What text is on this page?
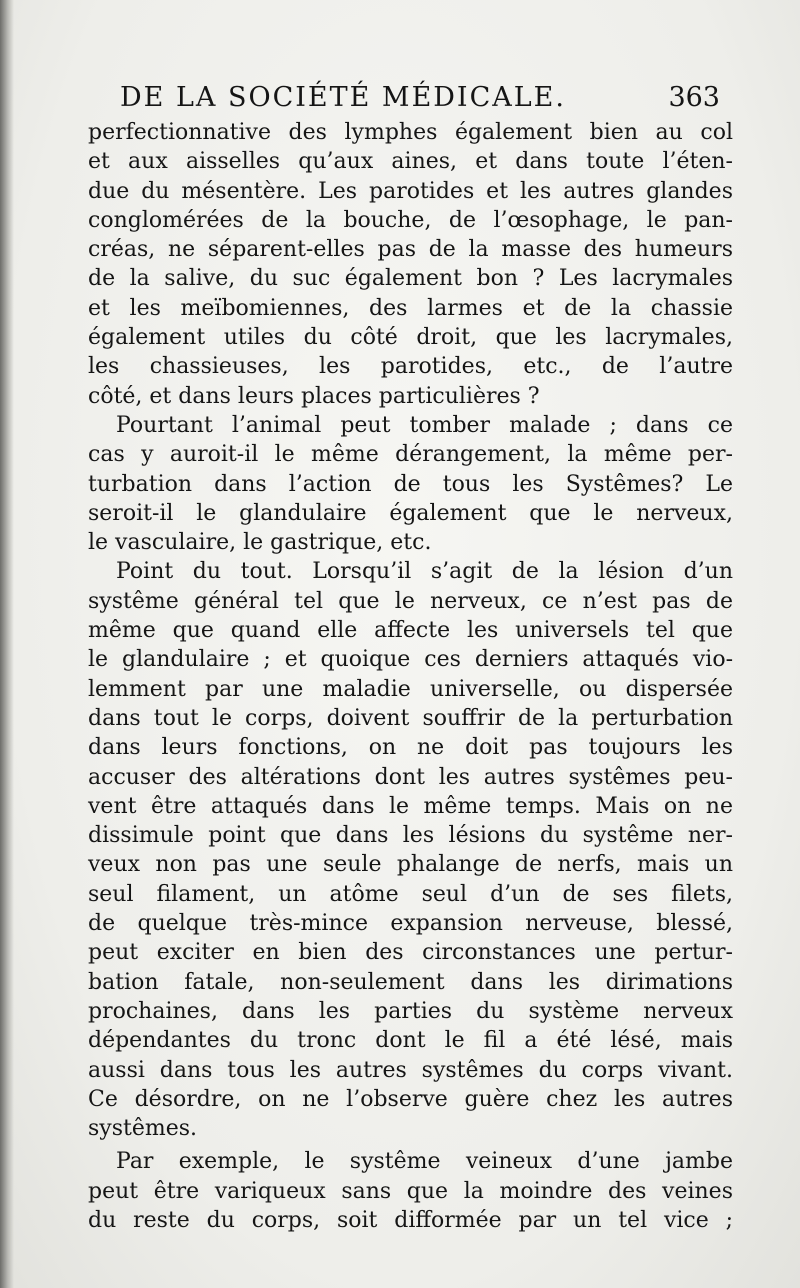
DE LA SOCIÉTÉ MÉDICALE.	363
perfectionnative des lymphes également bien au col
et aux aisselles qu’aux aines, et dans toute l’éten-
due du mésentère. Les parotides et les autres glandes
conglomérées de la bouche, de l’œsophage, le pan-
créas, ne séparent-elles pas de la masse des humeurs
de la salive, du suc également bon ? Les lacrymales
et les meïbomiennes, des larmes et de la chassie
également utiles du côté droit, que les lacrymales,
les chassieuses, les parotides, etc., de l’autre
côté, et dans leurs places particulières ?
Pourtant l’animal peut tomber malade ; dans ce
cas y auroit-il le même dérangement, la même per-
turbation dans l’action de tous les Systêmes? Le
seroit-il le glandulaire également que le nerveux,
le vasculaire, le gastrique, etc.
Point du tout. Lorsqu’il s’agit de la lésion d’un
systême général tel que le nerveux, ce n’est pas de
même que quand elle affecte les universels tel que
le glandulaire ; et quoique ces derniers attaqués vio-
lemment par une maladie universelle, ou dispersée
dans tout le corps, doivent souffrir de la perturbation
dans leurs fonctions, on ne doit pas toujours les
accuser des altérations dont les autres systêmes peu-
vent être attaqués dans le même temps. Mais on ne
dissimule point que dans les lésions du systême ner-
veux non pas une seule phalange de nerfs, mais un
seul filament, un atôme seul d’un de ses filets,
de quelque très-mince expansion nerveuse, blessé,
peut exciter en bien des circonstances une pertur-
bation fatale, non-seulement dans les dirimations
prochaines, dans les parties du système nerveux
dépendantes du tronc dont le fil a été lésé, mais
aussi dans tous les autres systêmes du corps vivant.
Ce désordre, on ne l’observe guère chez les autres
systêmes.
Par exemple, le systême veineux d’une jambe
peut être variqueux sans que la moindre des veines
du reste du corps, soit difformée par un tel vice ;
